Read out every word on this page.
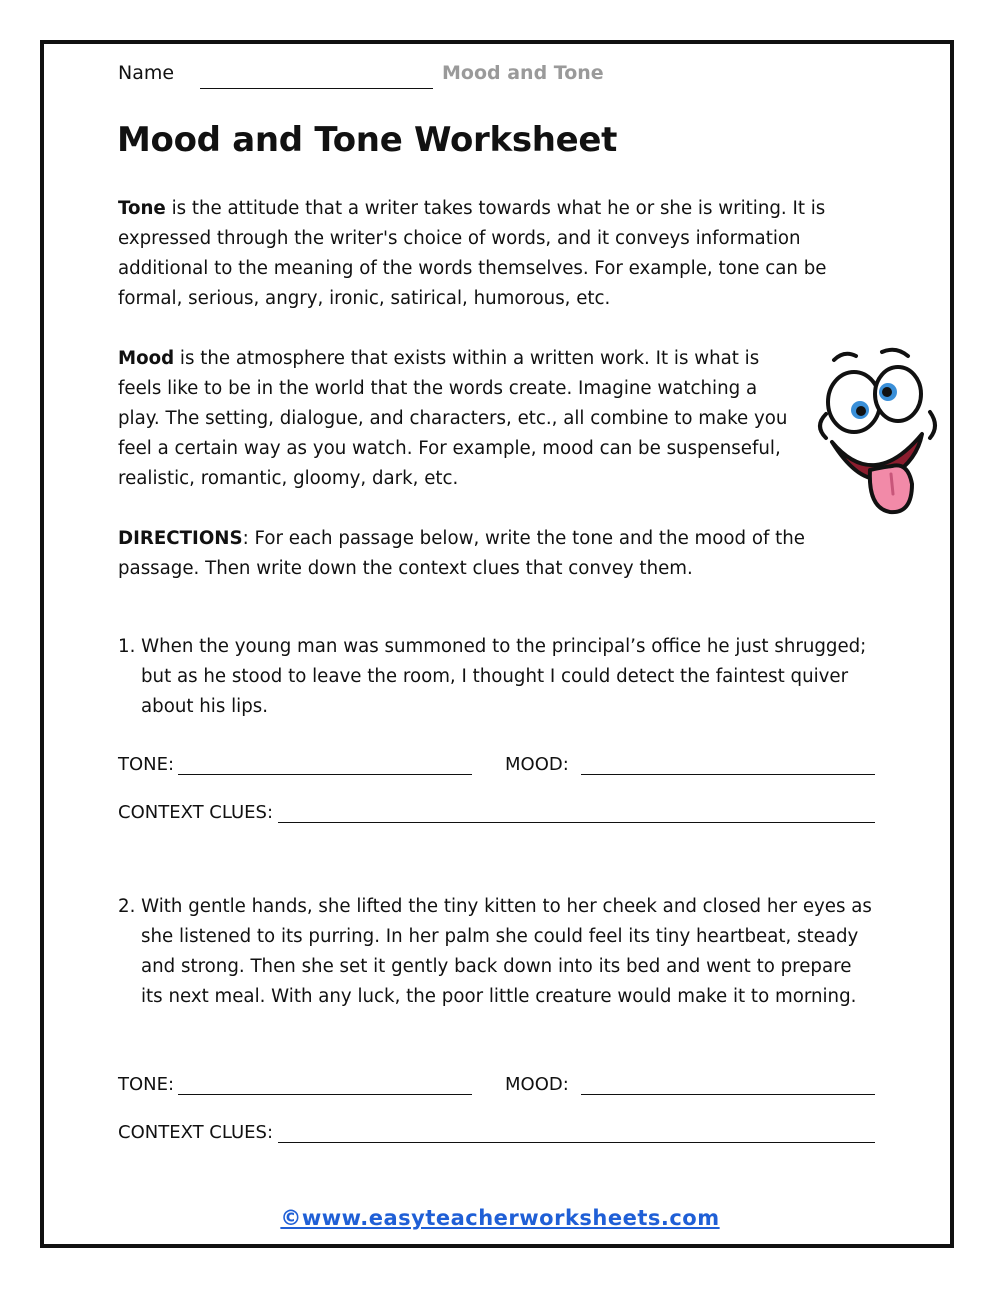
Name	Mood and Tone
Mood and Tone Worksheet
Tone is the attitude that a writer takes towards what he or she is writing. It is expressed through the writer's choice of words, and it conveys information additional to the meaning of the words themselves. For example, tone can be formal, serious, angry, ironic, satirical, humorous, etc.
Mood is the atmosphere that exists within a written work. It is what is feels like to be in the world that the words create. Imagine watching a play. The setting, dialogue, and characters, etc., all combine to make you feel a certain way as you watch. For example, mood can be suspenseful, realistic, romantic, gloomy, dark, etc.
DIRECTIONS: For each passage below, write the tone and the mood of the passage. Then write down the context clues that convey them.
1. When the young man was summoned to the principal’s office he just shrugged; but as he stood to leave the room, I thought I could detect the faintest quiver about his lips.
TONE:	MOOD:
CONTEXT CLUES:
2. With gentle hands, she lifted the tiny kitten to her cheek and closed her eyes as she listened to its purring. In her palm she could feel its tiny heartbeat, steady and strong. Then she set it gently back down into its bed and went to prepare its next meal. With any luck, the poor little creature would make it to morning.
TONE:	MOOD:
CONTEXT CLUES:
©www.easyteacherworksheets.com
